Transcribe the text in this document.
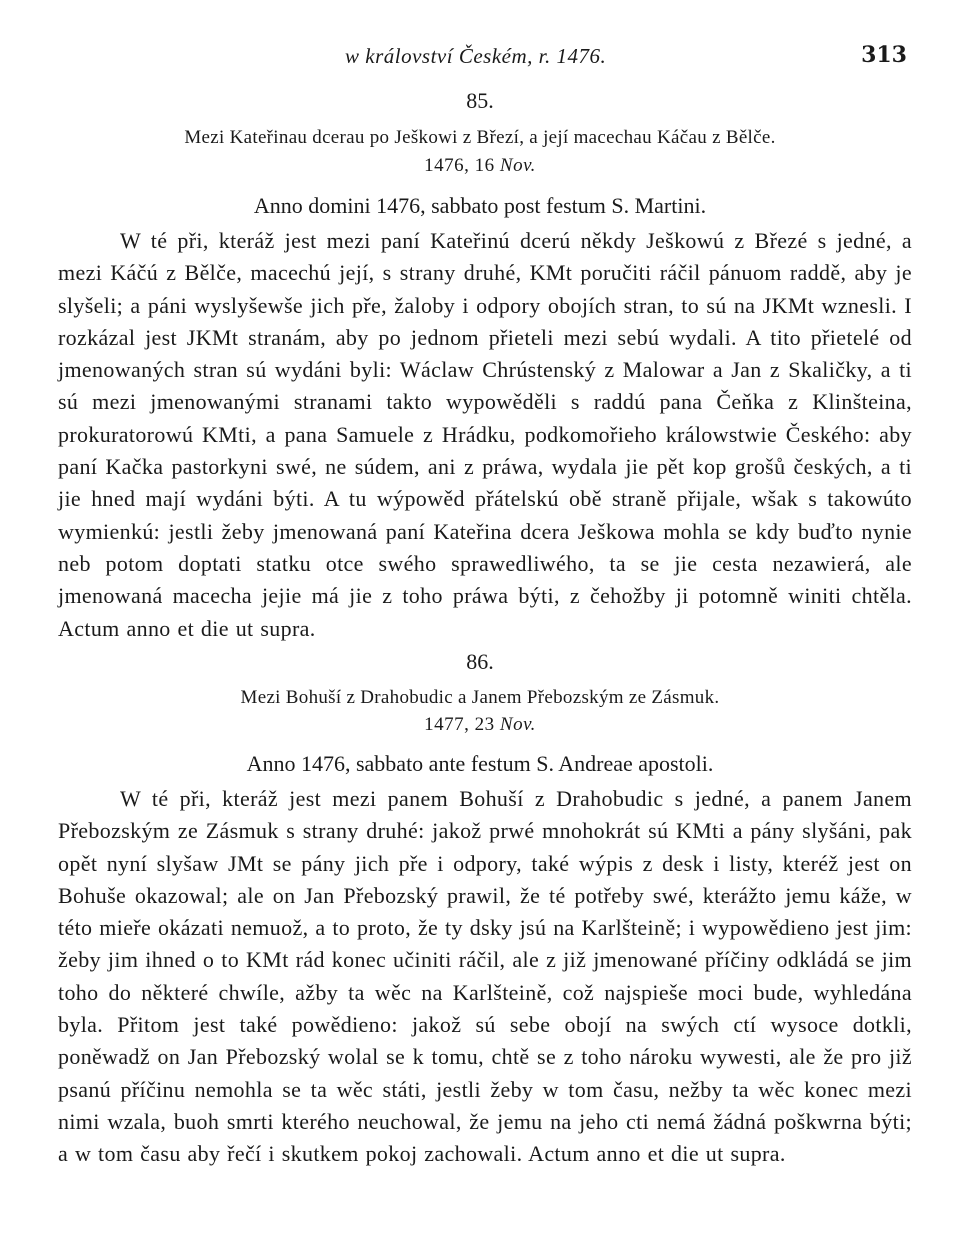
w království Českém, r. 1476.	313
85.
Mezi Kateřinau dcerau po Ješkowi z Březí, a její macechau Káčau z Bělče.
1476, 16 Nov.
Anno domini 1476, sabbato post festum S. Martini.
W té při, kteráž jest mezi paní Kateřinú dcerú někdy Ješkowú z Březé s jedné, a mezi Káčú z Bělče, macechú její, s strany druhé, KMt poručiti ráčil pánuom raddě, aby je slyšeli; a páni wyslyšewše jich pře, žaloby i odpory obojích stran, to sú na JKMt wznesli. I rozkázal jest JKMt stranám, aby po jednom přieteli mezi sebú wydali. A tito přietelé od jmenowaných stran sú wydáni byli: Wáclaw Chrústenský z Malowar a Jan z Skaličky, a ti sú mezi jmenowanými stranami takto wypowěděli s raddú pana Čeňka z Klinšteina, prokuratorowú KMti, a pana Samuele z Hrádku, podkomořieho králowstwie Českého: aby paní Kačka pastorkyni swé, ne súdem, ani z práwa, wydala jie pět kop grošů českých, a ti jie hned mají wydáni býti. A tu wýpowěd přátelskú obě straně přijale, wšak s takowúto wymienkú: jestli žeby jmenowaná paní Kateřina dcera Ješkowa mohla se kdy buďto nynie neb potom doptati statku otce swého sprawedliwého, ta se jie cesta nezawierá, ale jmenowaná macecha jejie má jie z toho práwa býti, z čehožby ji potomně winiti chtěla. Actum anno et die ut supra.
86.
Mezi Bohuší z Drahobudic a Janem Přebozským ze Zásmuk.
1477, 23 Nov.
Anno 1476, sabbato ante festum S. Andreae apostoli.
W té při, kteráž jest mezi panem Bohuší z Drahobudic s jedné, a panem Janem Přebozským ze Zásmuk s strany druhé: jakož prwé mnohokrát sú KMti a pány slyšáni, pak opět nyní slyšaw JMt se pány jich pře i odpory, také wýpis z desk i listy, kteréž jest on Bohuše okazowal; ale on Jan Přebozský prawil, že té potřeby swé, kterážto jemu káže, w této mieře okázati nemuož, a to proto, že ty dsky jsú na Karlšteině; i wypowědieno jest jim: žeby jim ihned o to KMt rád konec učiniti ráčil, ale z již jmenowané příčiny odkládá se jim toho do některé chwíle, ažby ta wěc na Karlšteině, což najspieše moci bude, wyhledána byla. Přitom jest také powědieno: jakož sú sebe obojí na swých ctí wysoce dotkli, poněwadž on Jan Přebozský wolal se k tomu, chtě se z toho nároku wywesti, ale že pro již psanú příčinu nemohla se ta wěc státi, jestli žeby w tom času, nežby ta wěc konec mezi nimi wzala, buoh smrti kterého neuchowal, že jemu na jeho cti nemá žádná poškwrna býti; a w tom času aby řečí i skutkem pokoj zachowali. Actum anno et die ut supra.
